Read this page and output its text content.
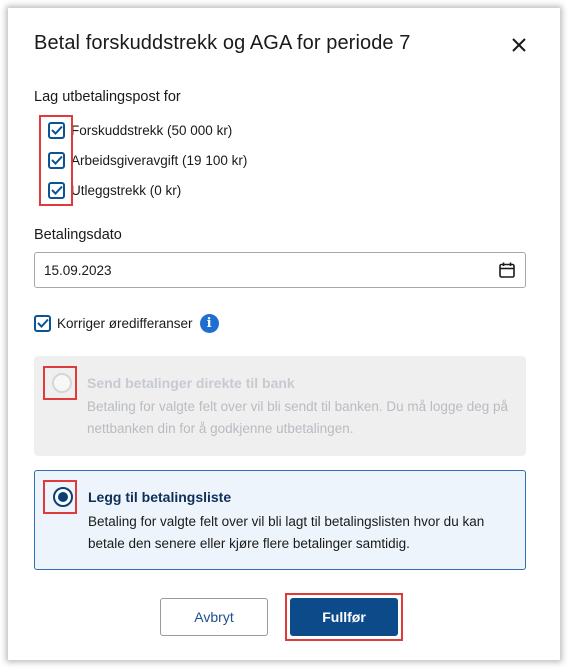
Betal forskuddstrekk og AGA for periode 7
Lag utbetalingspost for
Forskuddstrekk (50 000 kr)
Arbeidsgiveravgift (19 100 kr)
Utleggstrekk (0 kr)
Betalingsdato
15.09.2023
Korriger øredifferanser	i
Send betalinger direkte til bank
Betaling for valgte felt over vil bli sendt til banken. Du må logge deg på nettbanken din for å godkjenne utbetalingen.
Legg til betalingsliste
Betaling for valgte felt over vil bli lagt til betalingslisten hvor du kan betale den senere eller kjøre flere betalinger samtidig.
Avbryt	Fullfør
